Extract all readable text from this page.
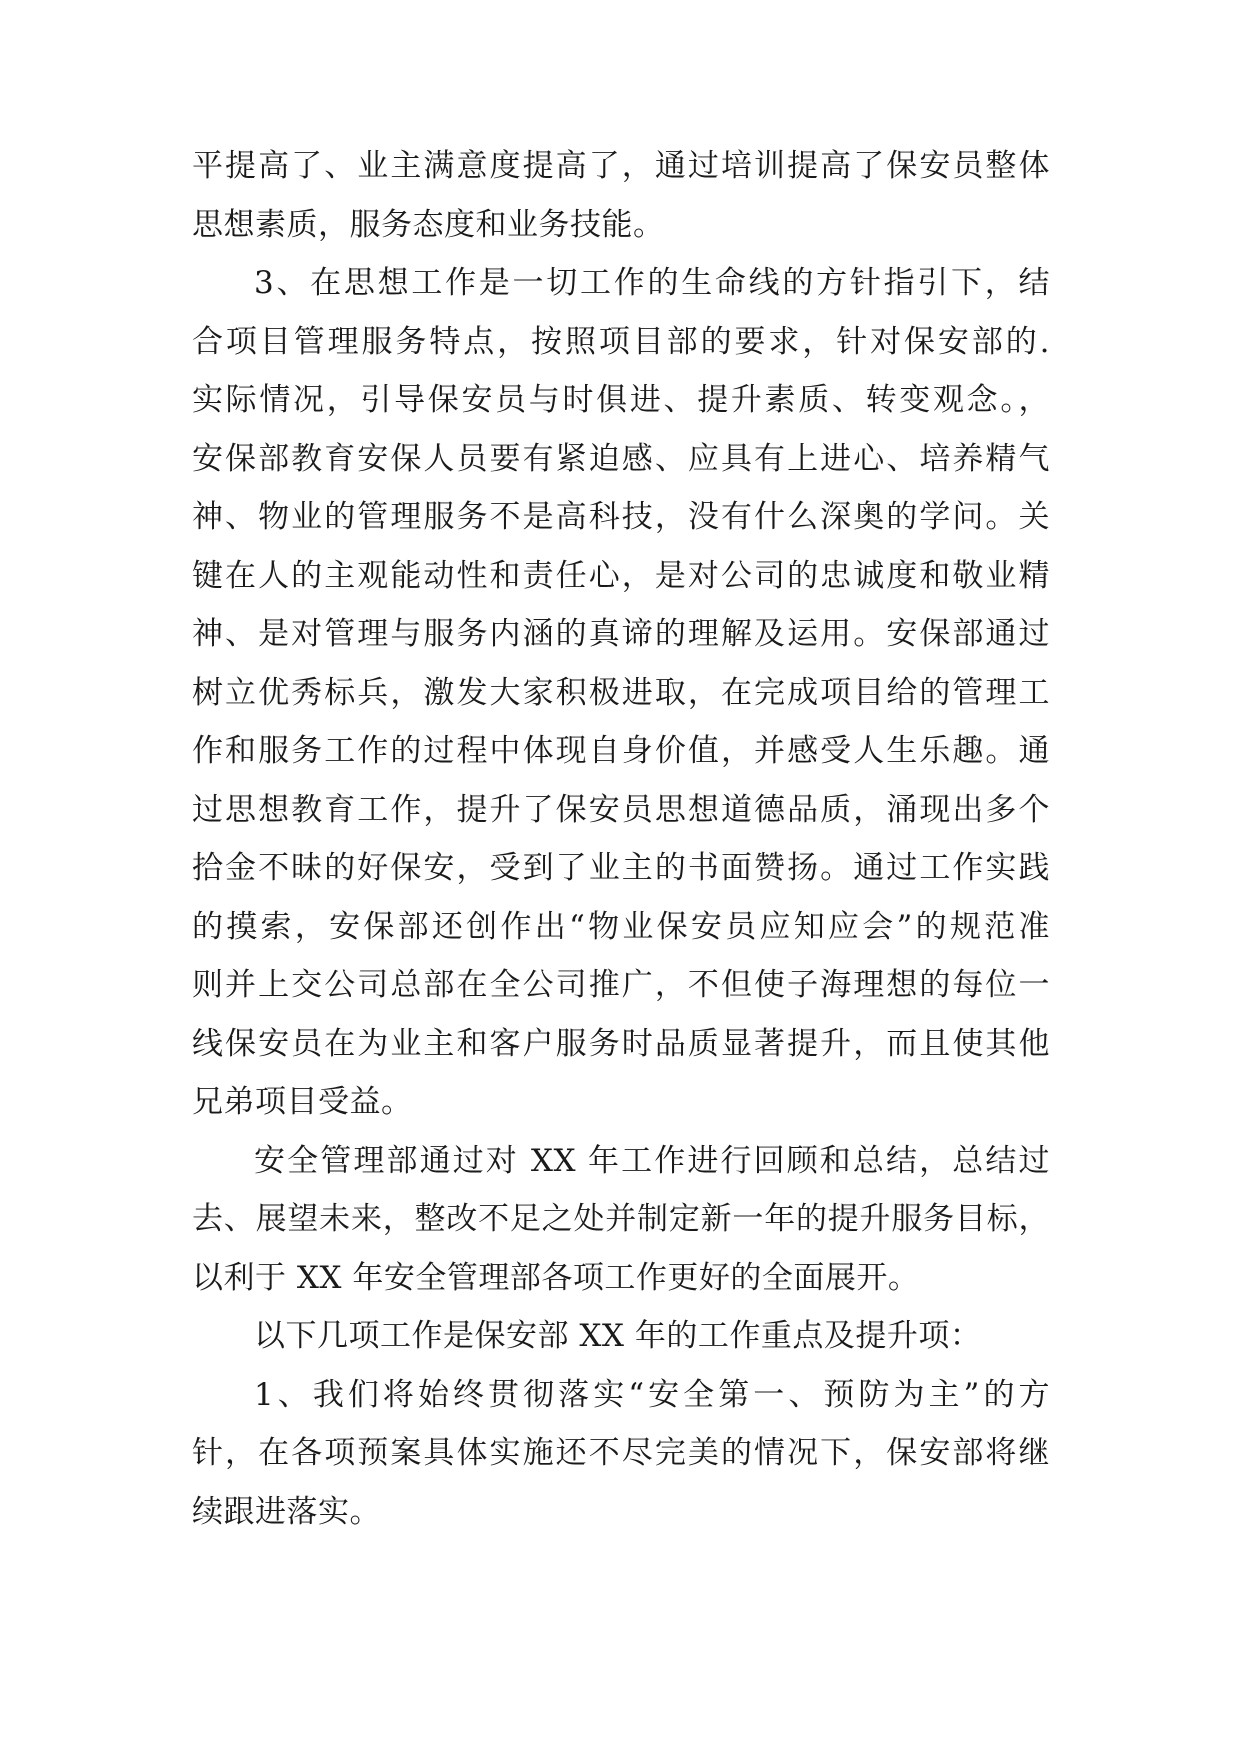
平提高了、业主满意度提高了，通过培训提高了保安员整体
思想素质，服务态度和业务技能。
3、在思想工作是一切工作的生命线的方针指引下，结
合项目管理服务特点，按照项目部的要求，针对保安部的.
实际情况，引导保安员与时俱进、提升素质、转变观念。，
安保部教育安保人员要有紧迫感、应具有上进心、培养精气
神、物业的管理服务不是高科技，没有什么深奥的学问。关
键在人的主观能动性和责任心，是对公司的忠诚度和敬业精
神、是对管理与服务内涵的真谛的理解及运用。安保部通过
树立优秀标兵，激发大家积极进取，在完成项目给的管理工
作和服务工作的过程中体现自身价值，并感受人生乐趣。通
过思想教育工作，提升了保安员思想道德品质，涌现出多个
拾金不昧的好保安，受到了业主的书面赞扬。通过工作实践
的摸索，安保部还创作出“物业保安员应知应会”的规范准
则并上交公司总部在全公司推广，不但使子海理想的每位一
线保安员在为业主和客户服务时品质显著提升，而且使其他
兄弟项目受益。
安全管理部通过对 XX 年工作进行回顾和总结，总结过
去、展望未来，整改不足之处并制定新一年的提升服务目标，
以利于 XX 年安全管理部各项工作更好的全面展开。
以下几项工作是保安部 XX 年的工作重点及提升项：
1、我们将始终贯彻落实“安全第一、预防为主”的方
针，在各项预案具体实施还不尽完美的情况下，保安部将继
续跟进落实。
